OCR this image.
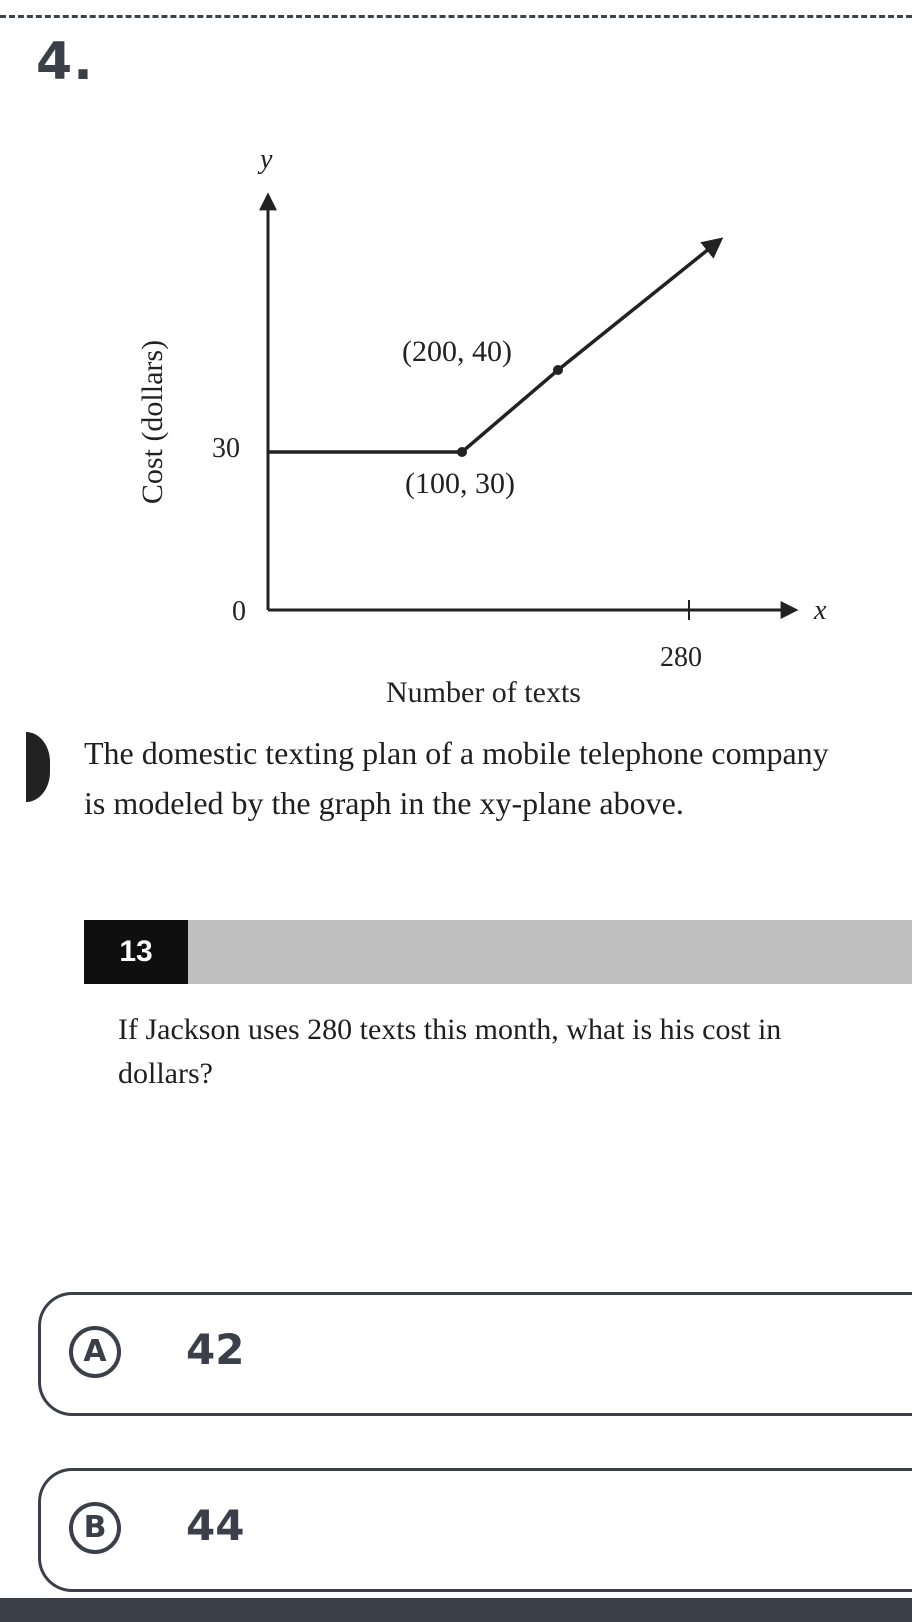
4.
y
x
30
0
280
(200, 40)
(100, 30)
Number of texts
Cost (dollars)
The domestic texting plan of a mobile telephone company is modeled by the graph in the xy-plane above.
13
If Jackson uses 280 texts this month, what is his cost in dollars?
A	42
B	44
